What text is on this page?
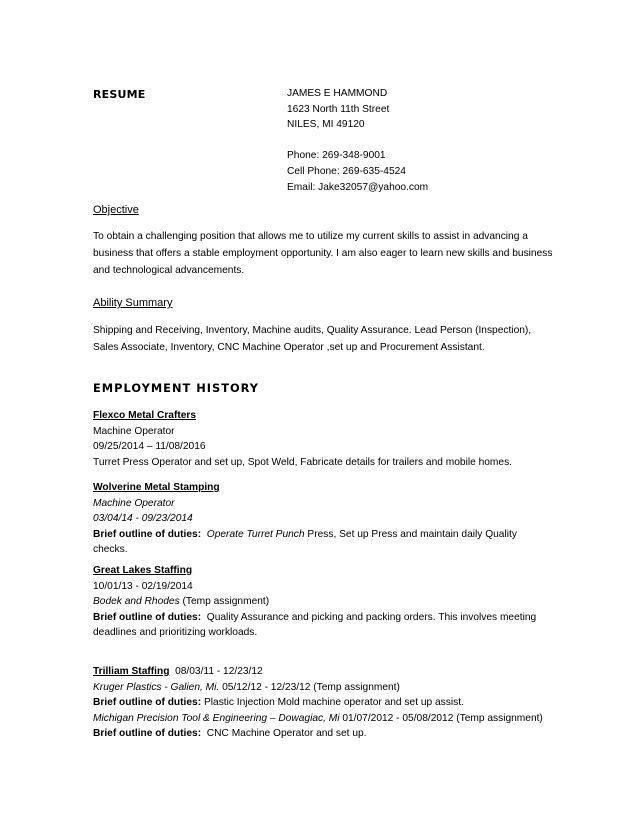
RESUME	JAMES E HAMMOND
1623 North 11th Street
NILES, MI 49120
Phone: 269-348-9001
Cell Phone: 269-635-4524
Email: Jake32057@yahoo.com
Objective
To obtain a challenging position that allows me to utilize my current skills to assist in advancing a business that offers a stable employment opportunity. I am also eager to learn new skills and business and technological advancements.
Ability Summary
Shipping and Receiving, Inventory, Machine audits, Quality Assurance. Lead Person (Inspection), Sales Associate, Inventory, CNC Machine Operator ,set up and Procurement Assistant.
EMPLOYMENT HISTORY
Flexco Metal Crafters
Machine Operator
09/25/2014 – 11/08/2016
Turret Press Operator and set up, Spot Weld, Fabricate details for trailers and mobile homes.
Wolverine Metal Stamping
Machine Operator
03/04/14 - 09/23/2014
Brief outline of duties: Operate Turret Punch Press, Set up Press and maintain daily Quality checks.
Great Lakes Staffing
10/01/13 - 02/19/2014
Bodek and Rhodes (Temp assignment)
Brief outline of duties: Quality Assurance and picking and packing orders. This involves meeting deadlines and prioritizing workloads.
Trilliam Staffing 08/03/11 - 12/23/12
Kruger Plastics - Galien, Mi. 05/12/12 - 12/23/12 (Temp assignment)
Brief outline of duties: Plastic Injection Mold machine operator and set up assist.
Michigan Precision Tool & Engineering – Dowagiac, Mi 01/07/2012 - 05/08/2012 (Temp assignment)
Brief outline of duties: CNC Machine Operator and set up.
